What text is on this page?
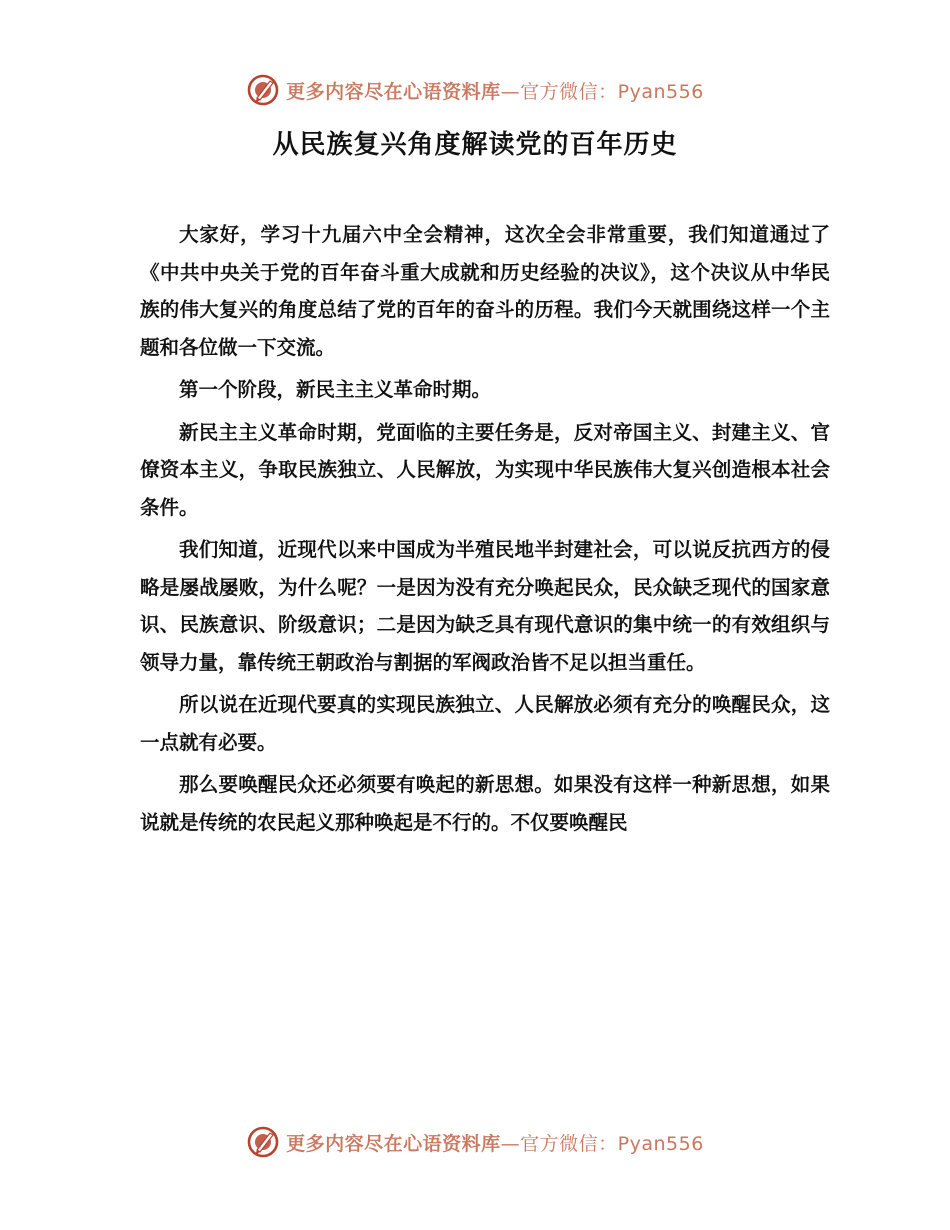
更多内容尽在心语资料库—官方微信：Pyan556
从民族复兴角度解读党的百年历史

大家好，学习十九届六中全会精神，这次全会非常重要，我们知道通过了《中共中央关于党的百年奋斗重大成就和历史经验的决议》，这个决议从中华民族的伟大复兴的角度总结了党的百年的奋斗的历程。我们今天就围绕这样一个主题和各位做一下交流。

第一个阶段，新民主主义革命时期。

新民主主义革命时期，党面临的主要任务是，反对帝国主义、封建主义、官僚资本主义，争取民族独立、人民解放，为实现中华民族伟大复兴创造根本社会条件。

我们知道，近现代以来中国成为半殖民地半封建社会，可以说反抗西方的侵略是屡战屡败，为什么呢？一是因为没有充分唤起民众，民众缺乏现代的国家意识、民族意识、阶级意识；二是因为缺乏具有现代意识的集中统一的有效组织与领导力量，靠传统王朝政治与割据的军阀政治皆不足以担当重任。

所以说在近现代要真的实现民族独立、人民解放必须有充分的唤醒民众，这一点就有必要。

那么要唤醒民众还必须要有唤起的新思想。如果没有这样一种新思想，如果说就是传统的农民起义那种唤起是不行的。不仅要唤醒民

更多内容尽在心语资料库—官方微信：Pyan556
